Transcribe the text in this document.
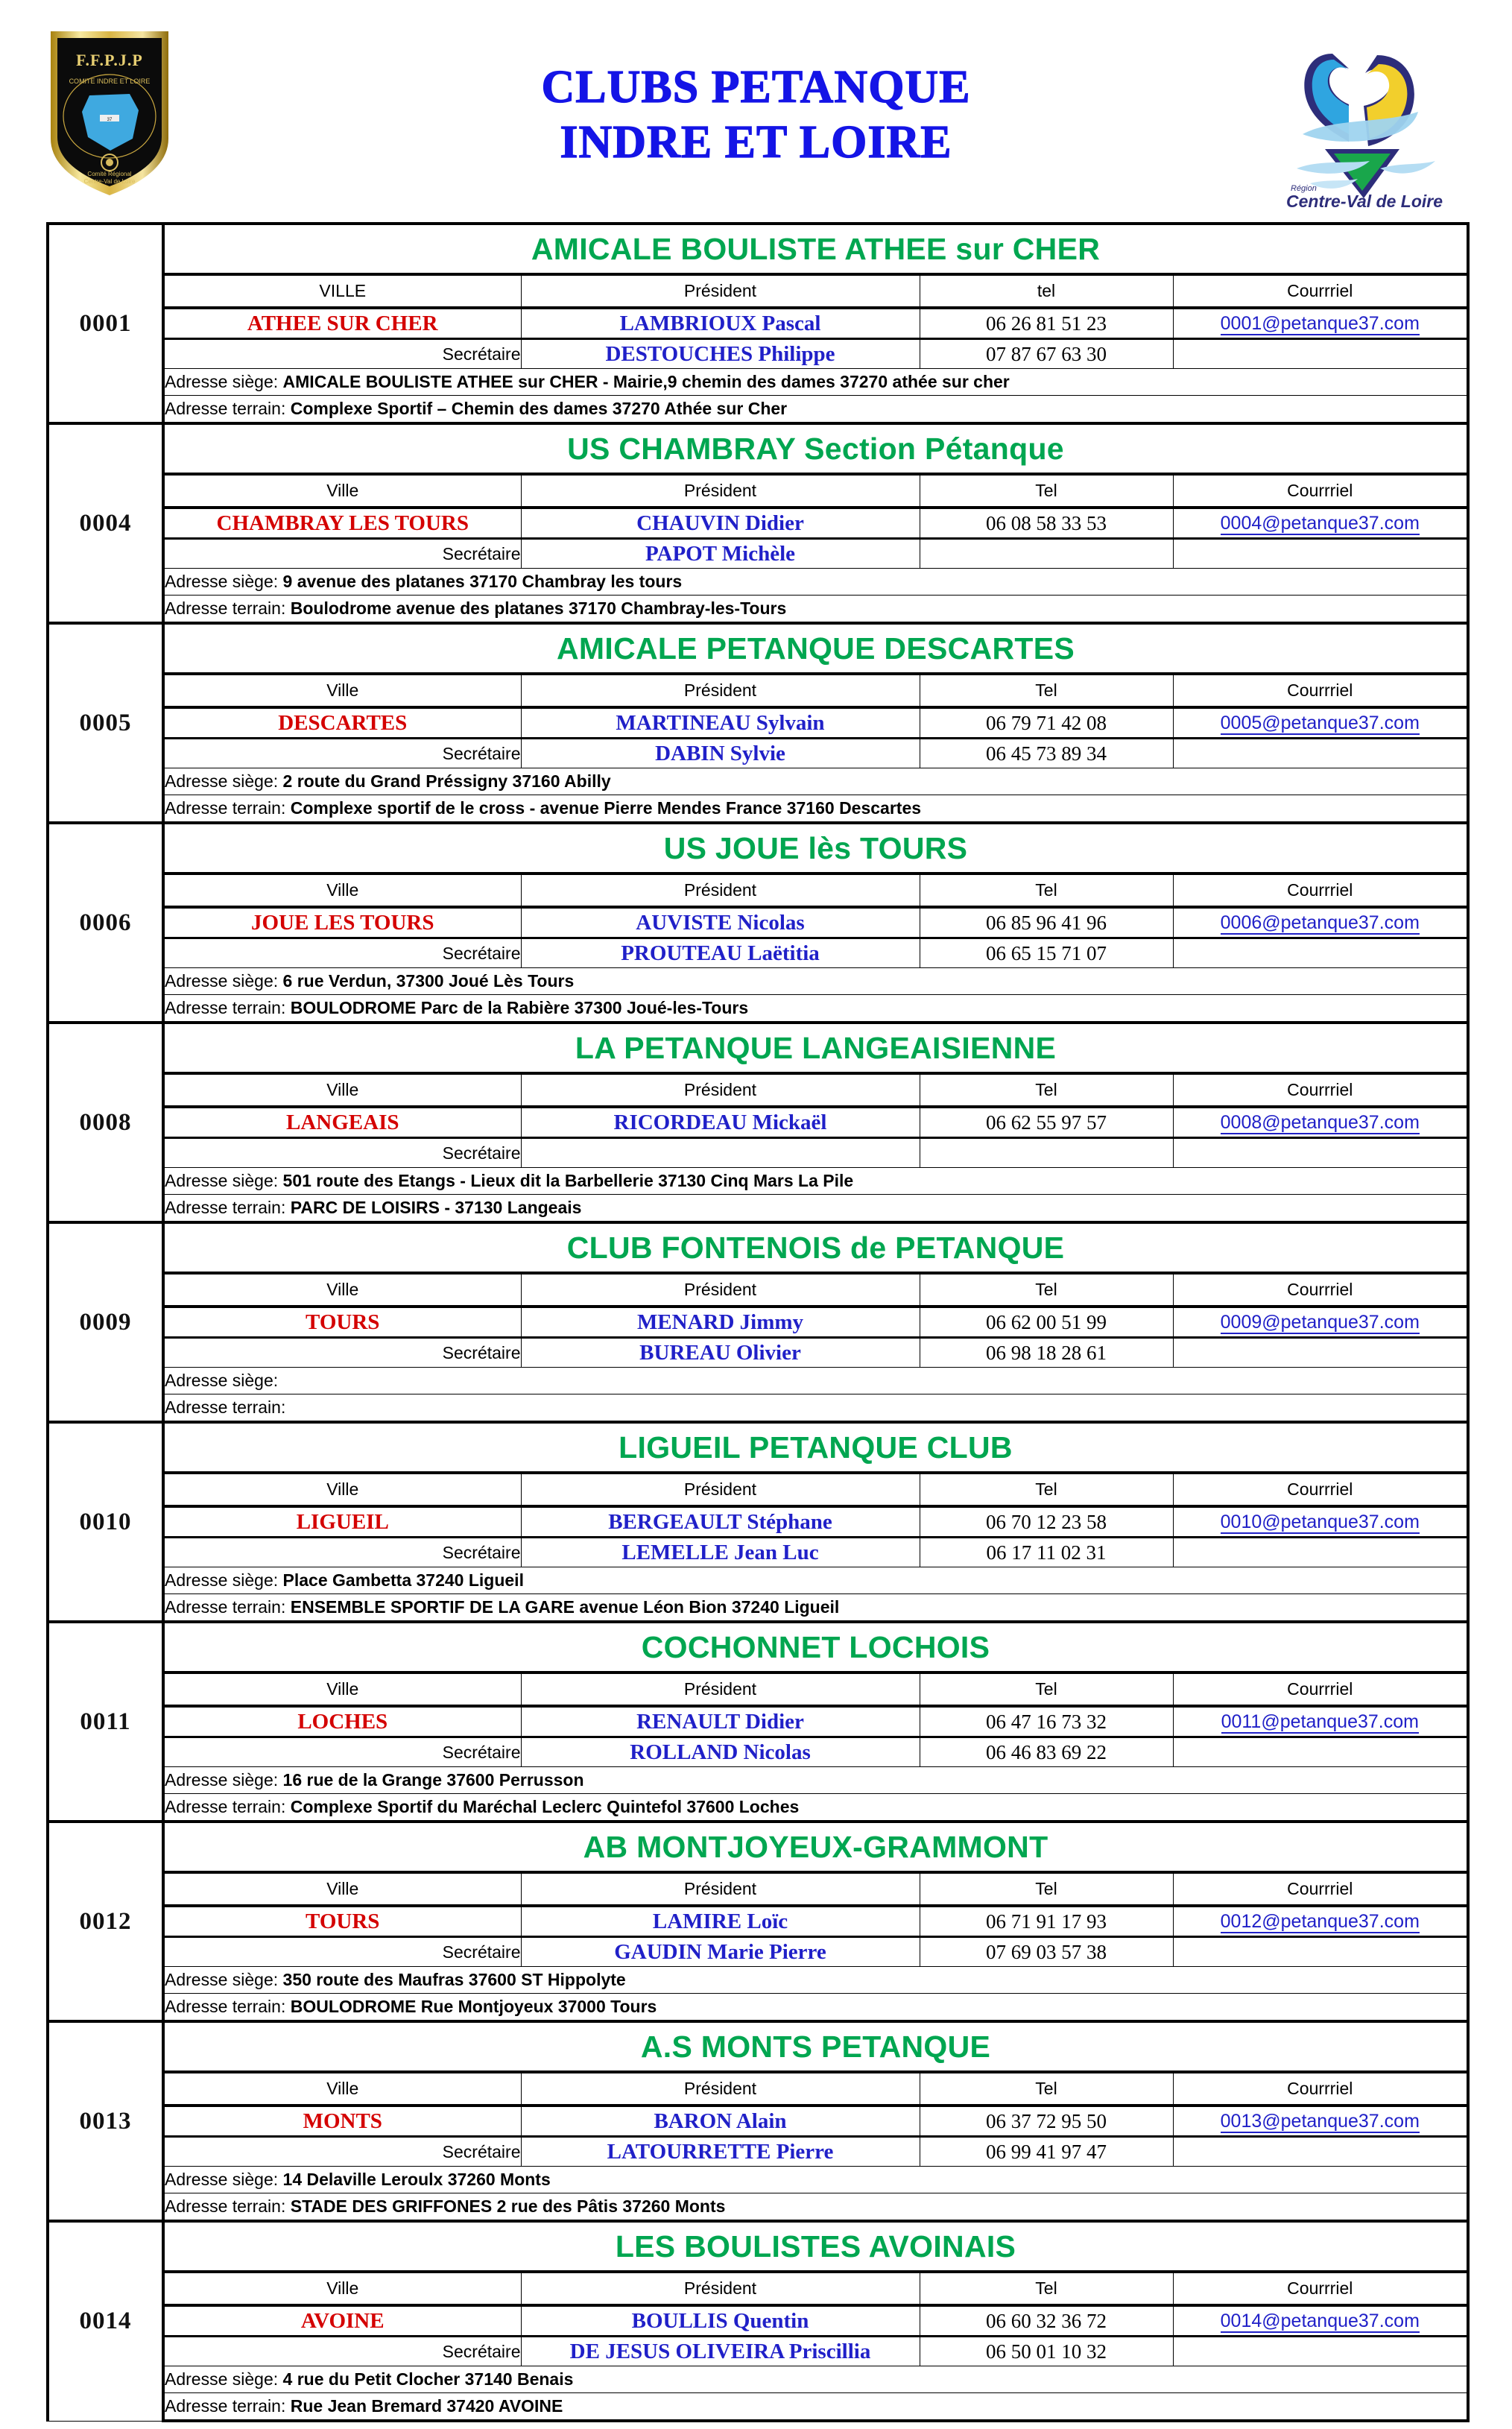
F.F.P.J.P
COMITE INDRE ET LOIRE
37
Comité Régional
Centre-Val de Loire
CLUBS PETANQUE
INDRE ET LOIRE
Région
Centre-Val de Loire
0001	AMICALE BOULISTE ATHEE sur CHER			
	VILLE	Président	tel	Courrriel
	ATHEE SUR CHER	LAMBRIOUX Pascal	06 26 81 51 23	0001@petanque37.com
	Secrétaire	DESTOUCHES Philippe	07 87 67 63 30	
	Adresse siège: AMICALE BOULISTE ATHEE sur CHER - Mairie,9 chemin des dames 37270 athée sur cher			
	Adresse terrain: Complexe Sportif – Chemin des dames 37270 Athée sur Cher			
0004	US CHAMBRAY Section Pétanque			
	Ville	Président	Tel	Courrriel
	CHAMBRAY LES TOURS	CHAUVIN Didier	06 08 58 33 53	0004@petanque37.com
	Secrétaire	PAPOT Michèle		
	Adresse siège: 9 avenue des platanes 37170 Chambray les tours			
	Adresse terrain: Boulodrome avenue des platanes 37170 Chambray-les-Tours			
0005	AMICALE PETANQUE DESCARTES			
	Ville	Président	Tel	Courrriel
	DESCARTES	MARTINEAU Sylvain	06 79 71 42 08	0005@petanque37.com
	Secrétaire	DABIN Sylvie	06 45 73 89 34	
	Adresse siège: 2 route du Grand Préssigny 37160 Abilly			
	Adresse terrain: Complexe sportif de le cross - avenue Pierre Mendes France 37160 Descartes			
0006	US JOUE lès TOURS			
	Ville	Président	Tel	Courrriel
	JOUE LES TOURS	AUVISTE Nicolas	06 85 96 41 96	0006@petanque37.com
	Secrétaire	PROUTEAU Laëtitia	06 65 15 71 07	
	Adresse siège: 6 rue Verdun, 37300 Joué Lès Tours			
	Adresse terrain: BOULODROME Parc de la Rabière 37300 Joué-les-Tours			
0008	LA PETANQUE LANGEAISIENNE			
	Ville	Président	Tel	Courrriel
	LANGEAIS	RICORDEAU Mickaël	06 62 55 97 57	0008@petanque37.com
	Secrétaire			
	Adresse siège: 501 route des Etangs - Lieux dit la Barbellerie 37130 Cinq Mars La Pile			
	Adresse terrain: PARC DE LOISIRS - 37130 Langeais			
0009	CLUB FONTENOIS de PETANQUE			
	Ville	Président	Tel	Courrriel
	TOURS	MENARD Jimmy	06 62 00 51 99	0009@petanque37.com
	Secrétaire	BUREAU Olivier	06 98 18 28 61	
	Adresse siège:			
	Adresse terrain:			
0010	LIGUEIL PETANQUE CLUB			
	Ville	Président	Tel	Courrriel
	LIGUEIL	BERGEAULT Stéphane	06 70 12 23 58	0010@petanque37.com
	Secrétaire	LEMELLE Jean Luc	06 17 11 02 31	
	Adresse siège: Place Gambetta 37240 Ligueil			
	Adresse terrain: ENSEMBLE SPORTIF DE LA GARE avenue Léon Bion 37240 Ligueil			
0011	COCHONNET LOCHOIS			
	Ville	Président	Tel	Courrriel
	LOCHES	RENAULT Didier	06 47 16 73 32	0011@petanque37.com
	Secrétaire	ROLLAND Nicolas	06 46 83 69 22	
	Adresse siège: 16 rue de la Grange 37600 Perrusson			
	Adresse terrain: Complexe Sportif du Maréchal Leclerc Quintefol 37600 Loches			
0012	AB MONTJOYEUX-GRAMMONT			
	Ville	Président	Tel	Courrriel
	TOURS	LAMIRE Loïc	06 71 91 17 93	0012@petanque37.com
	Secrétaire	GAUDIN Marie Pierre	07 69 03 57 38	
	Adresse siège: 350 route des Maufras 37600 ST Hippolyte			
	Adresse terrain: BOULODROME Rue Montjoyeux 37000 Tours			
0013	A.S MONTS PETANQUE			
	Ville	Président	Tel	Courrriel
	MONTS	BARON Alain	06 37 72 95 50	0013@petanque37.com
	Secrétaire	LATOURRETTE Pierre	06 99 41 97 47	
	Adresse siège: 14 Delaville Leroulx 37260 Monts			
	Adresse terrain: STADE DES GRIFFONES 2 rue des Pâtis 37260 Monts			
0014	LES BOULISTES AVOINAIS			
	Ville	Président	Tel	Courrriel
	AVOINE	BOULLIS Quentin	06 60 32 36 72	0014@petanque37.com
	Secrétaire	DE JESUS OLIVEIRA Priscillia	06 50 01 10 32	
	Adresse siège: 4 rue du Petit Clocher 37140 Benais			
	Adresse terrain: Rue Jean Bremard 37420 AVOINE			
